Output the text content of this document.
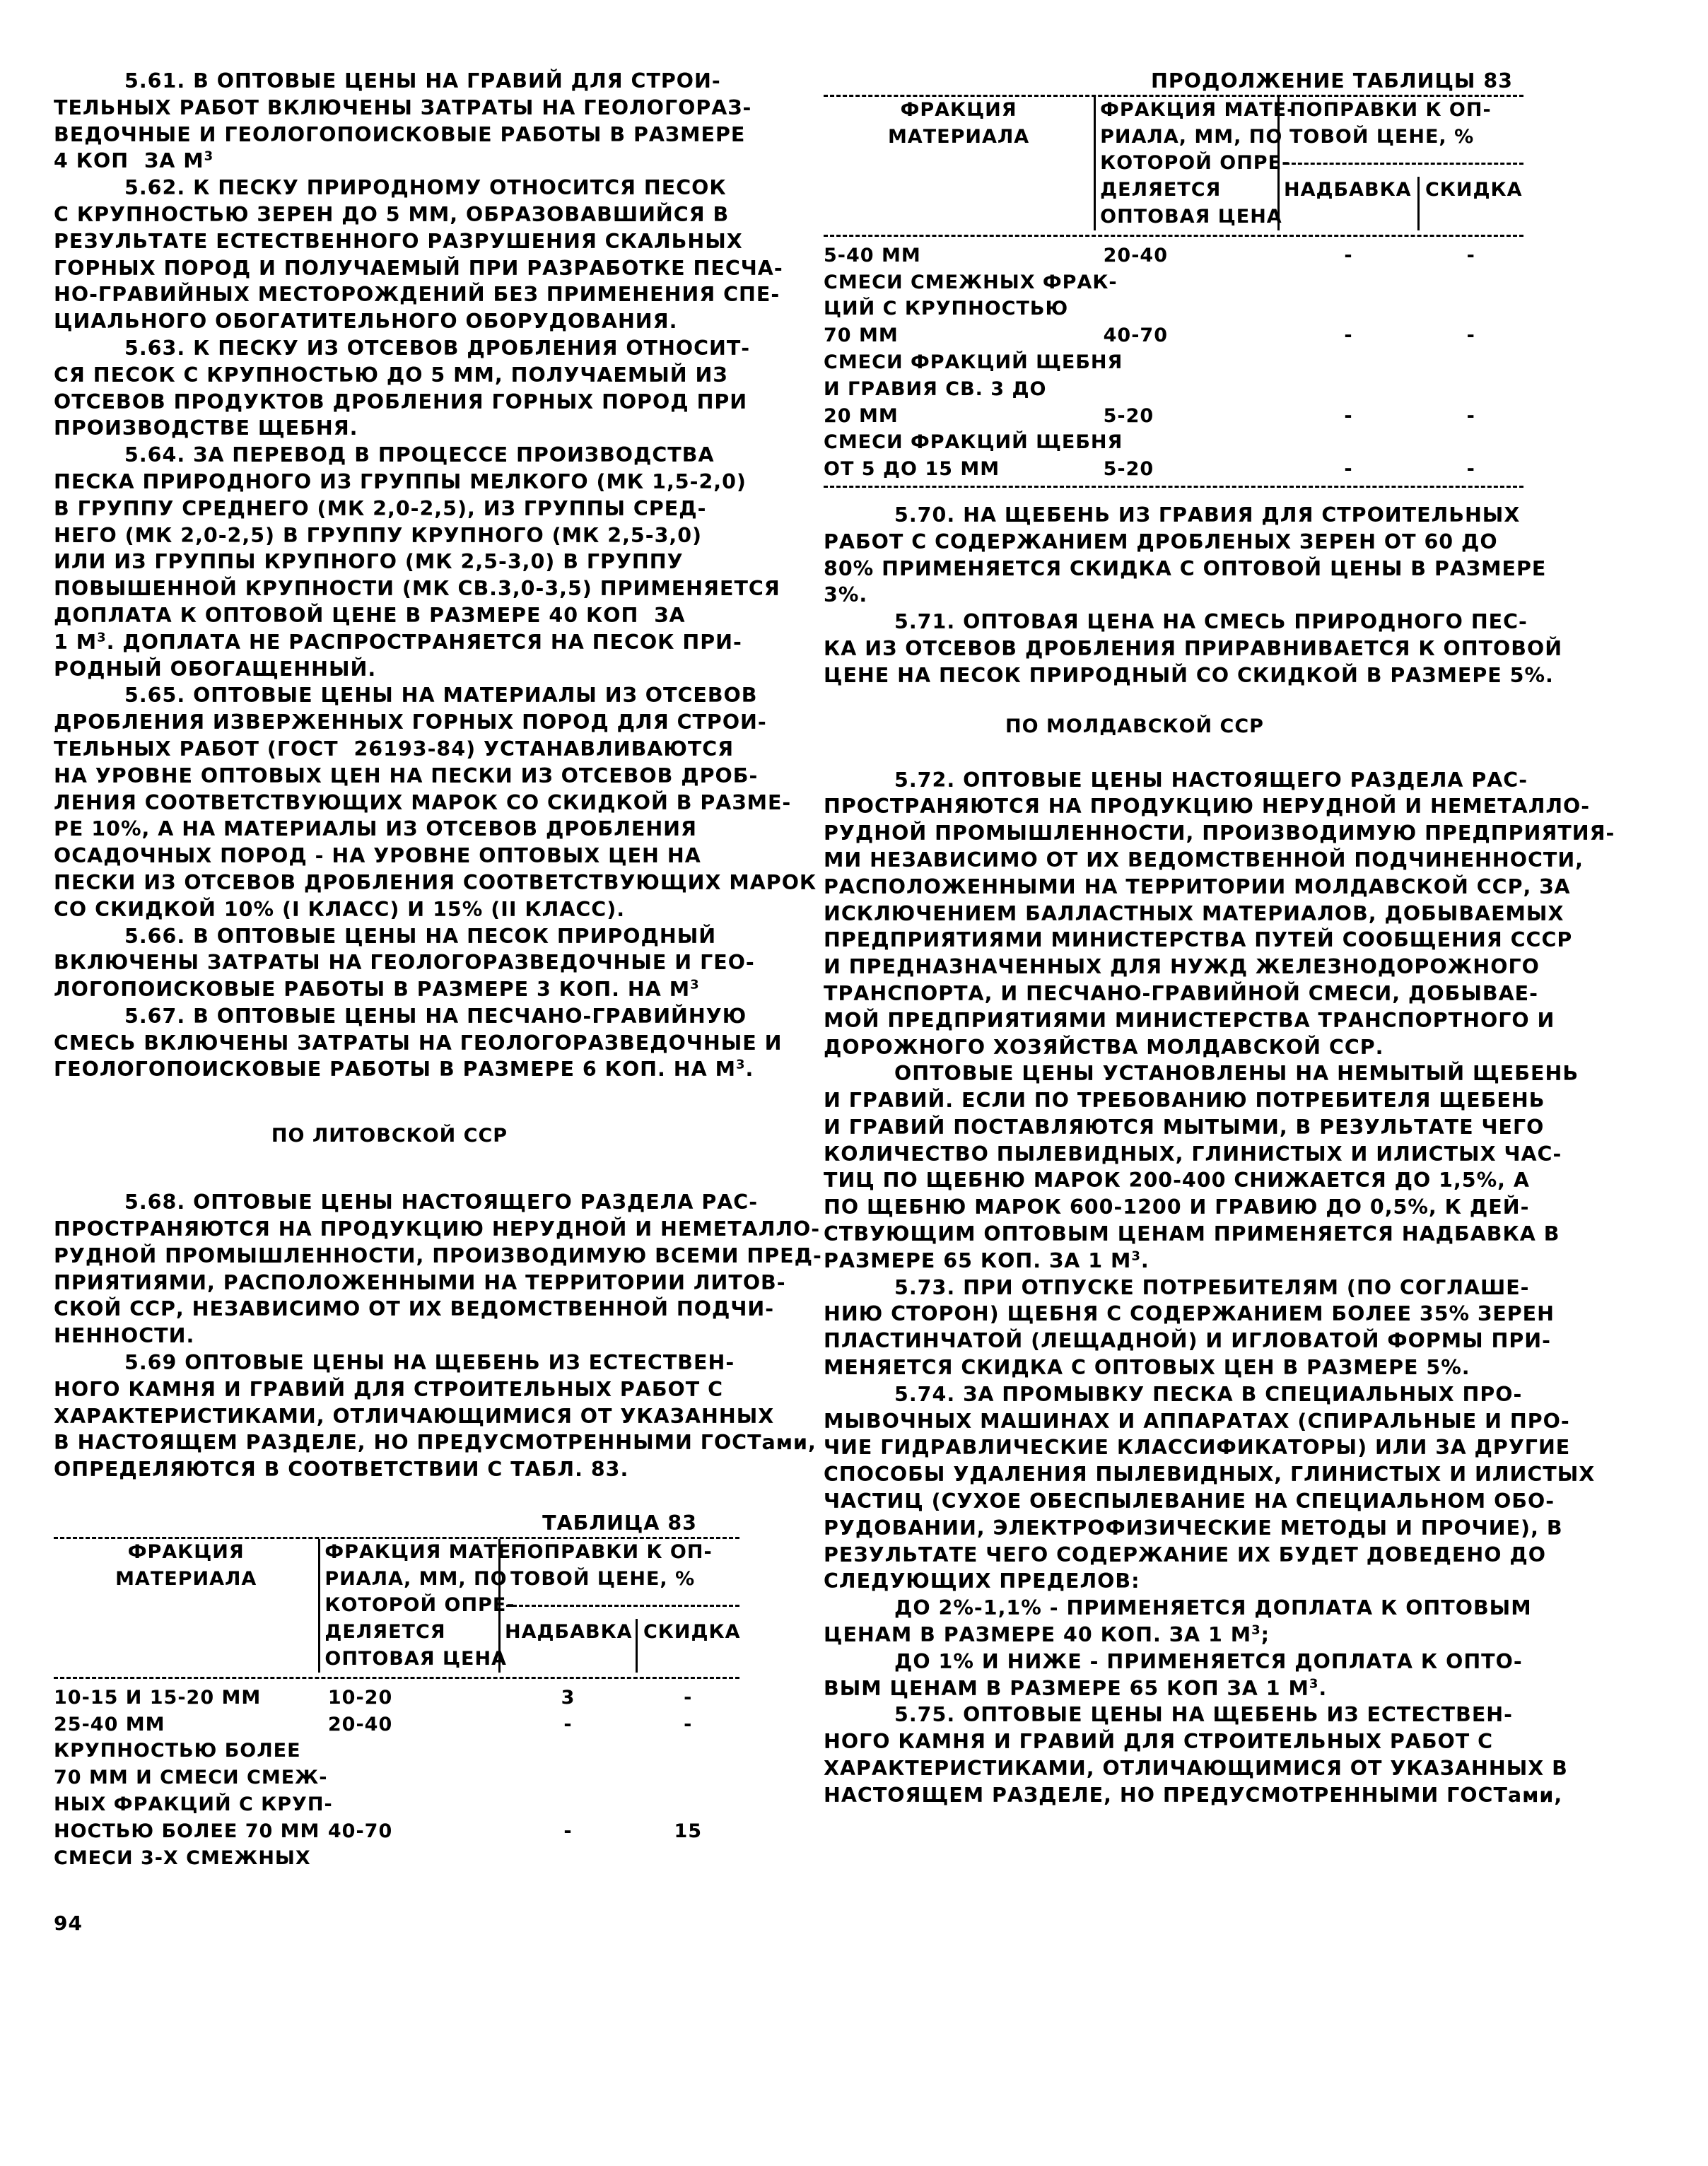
5.61. В ОПТОВЫЕ ЦЕНЫ НА ГРАВИЙ ДЛЯ СТРОИ-
ТЕЛЬНЫХ РАБОТ ВКЛЮЧЕНЫ ЗАТРАТЫ НА ГЕОЛОГОРАЗ-
ВЕДОЧНЫЕ И ГЕОЛОГОПОИСКОВЫЕ РАБОТЫ В РАЗМЕРЕ
4 КОП  ЗА $М^3$
5.62. К ПЕСКУ ПРИРОДНОМУ ОТНОСИТСЯ ПЕСОК
С КРУПНОСТЬЮ ЗЕРЕН ДО 5 ММ, ОБРАЗОВАВШИЙСЯ В
РЕЗУЛЬТАТЕ ЕСТЕСТВЕННОГО РАЗРУШЕНИЯ СКАЛЬНЫХ
ГОРНЫХ ПОРОД И ПОЛУЧАЕМЫЙ ПРИ РАЗРАБОТКЕ ПЕСЧА-
НО-ГРАВИЙНЫХ МЕСТОРОЖДЕНИЙ БЕЗ ПРИМЕНЕНИЯ СПЕ-
ЦИАЛЬНОГО ОБОГАТИТЕЛЬНОГО ОБОРУДОВАНИЯ.
5.63. К ПЕСКУ ИЗ ОТСЕВОВ ДРОБЛЕНИЯ ОТНОСИТ-
СЯ ПЕСОК С КРУПНОСТЬЮ ДО 5 ММ, ПОЛУЧАЕМЫЙ ИЗ
ОТСЕВОВ ПРОДУКТОВ ДРОБЛЕНИЯ ГОРНЫХ ПОРОД ПРИ
ПРОИЗВОДСТВЕ ЩЕБНЯ.
5.64. ЗА ПЕРЕВОД В ПРОЦЕССЕ ПРОИЗВОДСТВА
ПЕСКА ПРИРОДНОГО ИЗ ГРУППЫ МЕЛКОГО (МК 1,5-2,0)
В ГРУППУ СРЕДНЕГО (МК 2,0-2,5), ИЗ ГРУППЫ СРЕД-
НЕГО (МК 2,0-2,5) В ГРУППУ КРУПНОГО (МК 2,5-3,0)
ИЛИ ИЗ ГРУППЫ КРУПНОГО (МК 2,5-3,0) В ГРУППУ
ПОВЫШЕННОЙ КРУПНОСТИ (МК СВ.3,0-3,5) ПРИМЕНЯЕТСЯ
ДОПЛАТА К ОПТОВОЙ ЦЕНЕ В РАЗМЕРЕ 40 КОП  ЗА
1 $М^3$. ДОПЛАТА НЕ РАСПРОСТРАНЯЕТСЯ НА ПЕСОК ПРИ-
РОДНЫЙ ОБОГАЩЕННЫЙ.
5.65. ОПТОВЫЕ ЦЕНЫ НА МАТЕРИАЛЫ ИЗ ОТСЕВОВ
ДРОБЛЕНИЯ ИЗВЕРЖЕННЫХ ГОРНЫХ ПОРОД ДЛЯ СТРОИ-
ТЕЛЬНЫХ РАБОТ (ГОСТ  26193-84) УСТАНАВЛИВАЮТСЯ
НА УРОВНЕ ОПТОВЫХ ЦЕН НА ПЕСКИ ИЗ ОТСЕВОВ ДРОБ-
ЛЕНИЯ СООТВЕТСТВУЮЩИХ МАРОК СО СКИДКОЙ В РАЗМЕ-
РЕ 10%, А НА МАТЕРИАЛЫ ИЗ ОТСЕВОВ ДРОБЛЕНИЯ
ОСАДОЧНЫХ ПОРОД - НА УРОВНЕ ОПТОВЫХ ЦЕН НА
ПЕСКИ ИЗ ОТСЕВОВ ДРОБЛЕНИЯ СООТВЕТСТВУЮЩИХ МАРОК
СО СКИДКОЙ 10% (I КЛАСС) И 15% (II КЛАСС).
5.66. В ОПТОВЫЕ ЦЕНЫ НА ПЕСОК ПРИРОДНЫЙ
ВКЛЮЧЕНЫ ЗАТРАТЫ НА ГЕОЛОГОРАЗВЕДОЧНЫЕ И ГЕО-
ЛОГОПОИСКОВЫЕ РАБОТЫ В РАЗМЕРЕ 3 КОП. НА $М^3$
5.67. В ОПТОВЫЕ ЦЕНЫ НА ПЕСЧАНО-ГРАВИЙНУЮ
СМЕСЬ ВКЛЮЧЕНЫ ЗАТРАТЫ НА ГЕОЛОГОРАЗВЕДОЧНЫЕ И
ГЕОЛОГОПОИСКОВЫЕ РАБОТЫ В РАЗМЕРЕ 6 КОП. НА $М^3$.
ПО ЛИТОВСКОЙ ССР
5.68. ОПТОВЫЕ ЦЕНЫ НАСТОЯЩЕГО РАЗДЕЛА РАС-
ПРОСТРАНЯЮТСЯ НА ПРОДУКЦИЮ НЕРУДНОЙ И НЕМЕТАЛЛО-
РУДНОЙ ПРОМЫШЛЕННОСТИ, ПРОИЗВОДИМУЮ ВСЕМИ ПРЕД-
ПРИЯТИЯМИ, РАСПОЛОЖЕННЫМИ НА ТЕРРИТОРИИ ЛИТОВ-
СКОЙ ССР, НЕЗАВИСИМО ОТ ИХ ВЕДОМСТВЕННОЙ ПОДЧИ-
НЕННОСТИ.
5.69 ОПТОВЫЕ ЦЕНЫ НА ЩЕБЕНЬ ИЗ ЕСТЕСТВЕН-
НОГО КАМНЯ И ГРАВИЙ ДЛЯ СТРОИТЕЛЬНЫХ РАБОТ С
ХАРАКТЕРИСТИКАМИ, ОТЛИЧАЮЩИМИСЯ ОТ УКАЗАННЫХ
В НАСТОЯЩЕМ РАЗДЕЛЕ, НО ПРЕДУСМОТРЕННЫМИ ГОСТами,
ОПРЕДЕЛЯЮТСЯ В СООТВЕТСТВИИ С ТАБЛ. 83.
ТАБЛИЦА 83
ФРАКЦИЯ	ФРАКЦИЯ МАТЕ-	ПОПРАВКИ К ОП-	
МАТЕРИАЛА	РИАЛА, ММ, ПО	ТОВОЙ ЦЕНЕ, %	
	КОТОРОЙ ОПРЕ-		

	ДЕЛЯЕТСЯ	НАДБАВКА	СКИДКА
	ОПТОВАЯ ЦЕНА		
10-15 И 15-20 ММ	10-20	3	-
25-40 ММ	20-40	-	-
КРУПНОСТЬЮ БОЛЕЕ			
70 ММ И СМЕСИ СМЕЖ-			
НЫХ ФРАКЦИЙ С КРУП-			
НОСТЬЮ БОЛЕЕ 70 ММ	40-70	-	15
СМЕСИ 3-Х СМЕЖНЫХ			
ПРОДОЛЖЕНИЕ ТАБЛИЦЫ 83
ФРАКЦИЯ	ФРАКЦИЯ МАТЕ-	ПОПРАВКИ К ОП-	
МАТЕРИАЛА	РИАЛА, ММ, ПО	ТОВОЙ ЦЕНЕ, %	
	КОТОРОЙ ОПРЕ-		

	ДЕЛЯЕТСЯ	НАДБАВКА	СКИДКА
	ОПТОВАЯ ЦЕНА		
5-40 ММ	20-40	-	-
СМЕСИ СМЕЖНЫХ ФРАК-			
ЦИЙ С КРУПНОСТЬЮ			
70 ММ	40-70	-	-
СМЕСИ ФРАКЦИЙ ЩЕБНЯ			
И ГРАВИЯ СВ. 3 ДО			
20 ММ	5-20	-	-
СМЕСИ ФРАКЦИЙ ЩЕБНЯ			
ОТ 5 ДО 15 ММ	5-20	-	-
5.70. НА ЩЕБЕНЬ ИЗ ГРАВИЯ ДЛЯ СТРОИТЕЛЬНЫХ
РАБОТ С СОДЕРЖАНИЕМ ДРОБЛЕНЫХ ЗЕРЕН ОТ 60 ДО
80% ПРИМЕНЯЕТСЯ СКИДКА С ОПТОВОЙ ЦЕНЫ В РАЗМЕРЕ
3%.
5.71. ОПТОВАЯ ЦЕНА НА СМЕСЬ ПРИРОДНОГО ПЕС-
КА ИЗ ОТСЕВОВ ДРОБЛЕНИЯ ПРИРАВНИВАЕТСЯ К ОПТОВОЙ
ЦЕНЕ НА ПЕСОК ПРИРОДНЫЙ СО СКИДКОЙ В РАЗМЕРЕ 5%.
ПО МОЛДАВСКОЙ ССР
5.72. ОПТОВЫЕ ЦЕНЫ НАСТОЯЩЕГО РАЗДЕЛА РАС-
ПРОСТРАНЯЮТСЯ НА ПРОДУКЦИЮ НЕРУДНОЙ И НЕМЕТАЛЛО-
РУДНОЙ ПРОМЫШЛЕННОСТИ, ПРОИЗВОДИМУЮ ПРЕДПРИЯТИЯ-
МИ НЕЗАВИСИМО ОТ ИХ ВЕДОМСТВЕННОЙ ПОДЧИНЕННОСТИ,
РАСПОЛОЖЕННЫМИ НА ТЕРРИТОРИИ МОЛДАВСКОЙ ССР, ЗА
ИСКЛЮЧЕНИЕМ БАЛЛАСТНЫХ МАТЕРИАЛОВ, ДОБЫВАЕМЫХ
ПРЕДПРИЯТИЯМИ МИНИСТЕРСТВА ПУТЕЙ СООБЩЕНИЯ СССР
И ПРЕДНАЗНАЧЕННЫХ ДЛЯ НУЖД ЖЕЛЕЗНОДОРОЖНОГО
ТРАНСПОРТА, И ПЕСЧАНО-ГРАВИЙНОЙ СМЕСИ, ДОБЫВАЕ-
МОЙ ПРЕДПРИЯТИЯМИ МИНИСТЕРСТВА ТРАНСПОРТНОГО И
ДОРОЖНОГО ХОЗЯЙСТВА МОЛДАВСКОЙ ССР.
ОПТОВЫЕ ЦЕНЫ УСТАНОВЛЕНЫ НА НЕМЫТЫЙ ЩЕБЕНЬ
И ГРАВИЙ. ЕСЛИ ПО ТРЕБОВАНИЮ ПОТРЕБИТЕЛЯ ЩЕБЕНЬ
И ГРАВИЙ ПОСТАВЛЯЮТСЯ МЫТЫМИ, В РЕЗУЛЬТАТЕ ЧЕГО
КОЛИЧЕСТВО ПЫЛЕВИДНЫХ, ГЛИНИСТЫХ И ИЛИСТЫХ ЧАС-
ТИЦ ПО ЩЕБНЮ МАРОК 200-400 СНИЖАЕТСЯ ДО 1,5%, А
ПО ЩЕБНЮ МАРОК 600-1200 И ГРАВИЮ ДО 0,5%, К ДЕЙ-
СТВУЮЩИМ ОПТОВЫМ ЦЕНАМ ПРИМЕНЯЕТСЯ НАДБАВКА В
РАЗМЕРЕ 65 КОП. ЗА 1 $М^3$.
5.73. ПРИ ОТПУСКЕ ПОТРЕБИТЕЛЯМ (ПО СОГЛАШЕ-
НИЮ СТОРОН) ЩЕБНЯ С СОДЕРЖАНИЕМ БОЛЕЕ 35% ЗЕРЕН
ПЛАСТИНЧАТОЙ (ЛЕЩАДНОЙ) И ИГЛОВАТОЙ ФОРМЫ ПРИ-
МЕНЯЕТСЯ СКИДКА С ОПТОВЫХ ЦЕН В РАЗМЕРЕ 5%.
5.74. ЗА ПРОМЫВКУ ПЕСКА В СПЕЦИАЛЬНЫХ ПРО-
МЫВОЧНЫХ МАШИНАХ И АППАРАТАХ (СПИРАЛЬНЫЕ И ПРО-
ЧИЕ ГИДРАВЛИЧЕСКИЕ КЛАССИФИКАТОРЫ) ИЛИ ЗА ДРУГИЕ
СПОСОБЫ УДАЛЕНИЯ ПЫЛЕВИДНЫХ, ГЛИНИСТЫХ И ИЛИСТЫХ
ЧАСТИЦ (СУХОЕ ОБЕСПЫЛЕВАНИЕ НА СПЕЦИАЛЬНОМ ОБО-
РУДОВАНИИ, ЭЛЕКТРОФИЗИЧЕСКИЕ МЕТОДЫ И ПРОЧИЕ), В
РЕЗУЛЬТАТЕ ЧЕГО СОДЕРЖАНИЕ ИХ БУДЕТ ДОВЕДЕНО ДО
СЛЕДУЮЩИХ ПРЕДЕЛОВ:
ДО 2%-1,1% - ПРИМЕНЯЕТСЯ ДОПЛАТА К ОПТОВЫМ
ЦЕНАМ В РАЗМЕРЕ 40 КОП. ЗА 1 $М^3$;
ДО 1% И НИЖЕ - ПРИМЕНЯЕТСЯ ДОПЛАТА К ОПТО-
ВЫМ ЦЕНАМ В РАЗМЕРЕ 65 КОП ЗА 1 $М^3$.
5.75. ОПТОВЫЕ ЦЕНЫ НА ЩЕБЕНЬ ИЗ ЕСТЕСТВЕН-
НОГО КАМНЯ И ГРАВИЙ ДЛЯ СТРОИТЕЛЬНЫХ РАБОТ С
ХАРАКТЕРИСТИКАМИ, ОТЛИЧАЮЩИМИСЯ ОТ УКАЗАННЫХ В
НАСТОЯЩЕМ РАЗДЕЛЕ, НО ПРЕДУСМОТРЕННЫМИ ГОСТами,
94
